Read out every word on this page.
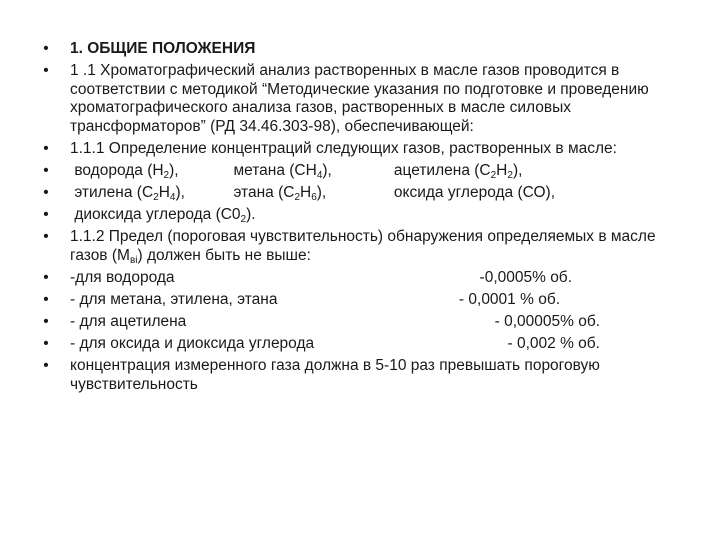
• 1. ОБЩИЕ ПОЛОЖЕНИЯ
• 1 .1 Хроматографический анализ растворенных в масле газов проводится в соответствии с методикой “Методические указания по подготовке и проведению хроматографического анализа газов, растворенных в масле силовых трансформаторов” (РД 34.46.303-98), обеспечивающей:
• 1.1.1 Определение концентраций следующих газов, растворенных в масле:
• водорода $(Н_2)$,	метана $(СН_4)$,	ацетилена $(С_2Н_2)$,
• этилена $(С_2Н_4)$,	этана $(С_2Н_6)$,	оксида углерода (СО),
• диоксида углерода $(С0_2)$.
• 1.1.2 Предел (пороговая чувствительность) обнаружения определяемых в масле газов $(М_{ві})$ должен быть не выше:
• -для водорода	-0,0005% об.
• - для метана, этилена, этана	- 0,0001 % об.
• - для ацетилена	- 0,00005% об.
• - для оксида и диоксида углерода	- 0,002 % об.
• концентрация измеренного газа должна в 5-10 раз превышать пороговую чувствительность
